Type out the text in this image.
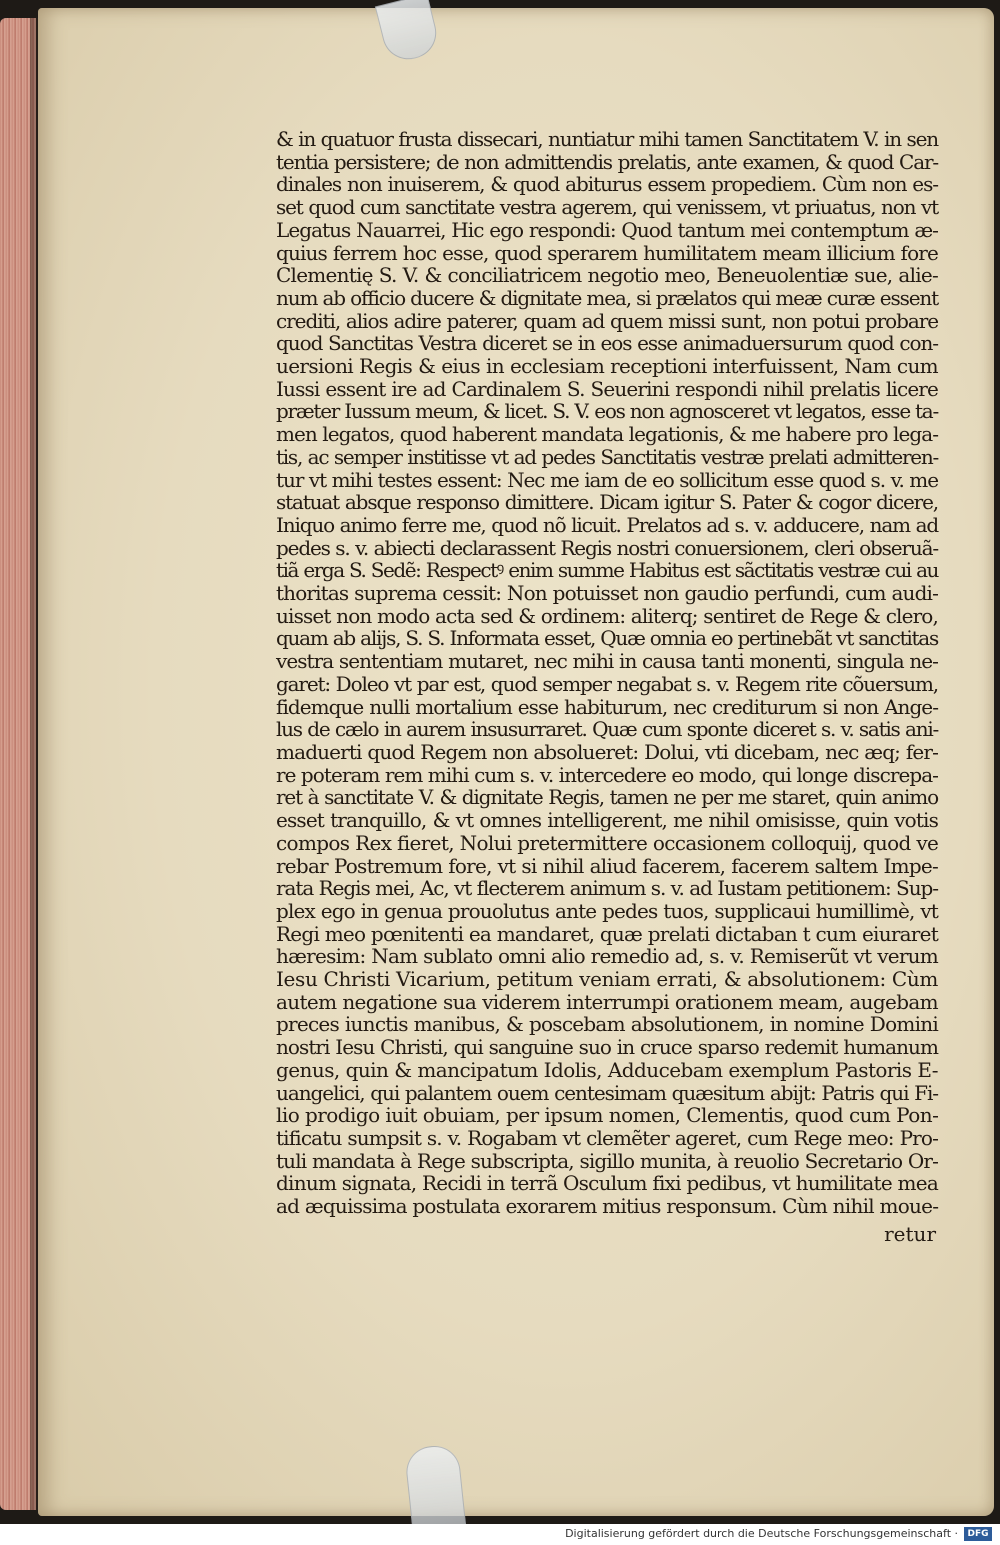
& in quatuor frusta dissecari, nuntiatur mihi tamen Sanctitatem V. in sen
tentia persistere; de non admittendis prelatis, ante examen, & quod Car-
dinales non inuiserem, & quod abiturus essem propediem. Cùm non es-
set quod cum sanctitate vestra agerem, qui venissem, vt priuatus, non vt
Legatus Nauarrei, Hic ego respondi: Quod tantum mei contemptum æ-
quius ferrem hoc esse, quod sperarem humilitatem meam illicium fore
Clementię S. V. & conciliatricem negotio meo, Beneuolentiæ sue, alie-
num ab officio ducere & dignitate mea, si prælatos qui meæ curæ essent
crediti, alios adire paterer, quam ad quem missi sunt, non potui probare
quod Sanctitas Vestra diceret se in eos esse animaduersurum quod con-
uersioni Regis & eius in ecclesiam receptioni interfuissent, Nam cum
Iussi essent ire ad Cardinalem S. Seuerini respondi nihil prelatis licere
præter Iussum meum, & licet. S. V. eos non agnosceret vt legatos, esse ta-
men legatos, quod haberent mandata legationis, & me habere pro lega-
tis, ac semper institisse vt ad pedes Sanctitatis vestræ prelati admitteren-
tur vt mihi testes essent: Nec me iam de eo sollicitum esse quod s. v. me
statuat absque responso dimittere. Dicam igitur S. Pater & cogor dicere,
Iniquo animo ferre me, quod nõ licuit. Prelatos ad s. v. adducere, nam ad
pedes s. v. abiecti declarassent Regis nostri conuersionem, cleri obseruã-
tiã erga S. Sedẽ: Respectꝰ enim summe Habitus est sãctitatis vestræ cui au
thoritas suprema cessit: Non potuisset non gaudio perfundi, cum audi-
uisset non modo acta sed & ordinem: aliterq; sentiret de Rege & clero,
quam ab alijs, S. S. Informata esset, Quæ omnia eo pertinebãt vt sanctitas
vestra sententiam mutaret, nec mihi in causa tanti monenti, singula ne-
garet: Doleo vt par est, quod semper negabat s. v. Regem rite cõuersum,
fidemque nulli mortalium esse habiturum, nec crediturum si non Ange-
lus de cælo in aurem insusurraret. Quæ cum sponte diceret s. v. satis ani-
maduerti quod Regem non absolueret: Dolui, vti dicebam, nec æq; fer-
re poteram rem mihi cum s. v. intercedere eo modo, qui longe discrepa-
ret à sanctitate V. & dignitate Regis, tamen ne per me staret, quin animo
esset tranquillo, & vt omnes intelligerent, me nihil omisisse, quin votis
compos Rex fieret, Nolui pretermittere occasionem colloquij, quod ve
rebar Postremum fore, vt si nihil aliud facerem, facerem saltem Impe-
rata Regis mei, Ac, vt flecterem animum s. v. ad Iustam petitionem: Sup-
plex ego in genua prouolutus ante pedes tuos, supplicaui humillimè, vt
Regi meo pœnitenti ea mandaret, quæ prelati dictaban t cum eiuraret
hæresim: Nam sublato omni alio remedio ad, s. v. Remiserũt vt verum
Iesu Christi Vicarium, petitum veniam errati, & absolutionem: Cùm
autem negatione sua viderem interrumpi orationem meam, augebam
preces iunctis manibus, & poscebam absolutionem, in nomine Domini
nostri Iesu Christi, qui sanguine suo in cruce sparso redemit humanum
genus, quin & mancipatum Idolis, Adducebam exemplum Pastoris E-
uangelici, qui palantem ouem centesimam quæsitum abijt: Patris qui Fi-
lio prodigo iuit obuiam, per ipsum nomen, Clementis, quod cum Pon-
tificatu sumpsit s. v. Rogabam vt clemẽter ageret, cum Rege meo: Pro-
tuli mandata à Rege subscripta, sigillo munita, à reuolio Secretario Or-
dinum signata, Recidi in terrã Osculum fixi pedibus, vt humilitate mea
ad æquissima postulata exorarem mitius responsum. Cùm nihil moue-
retur
Digitalisierung gefördert durch die Deutsche Forschungsgemeinschaft ·	DFG
